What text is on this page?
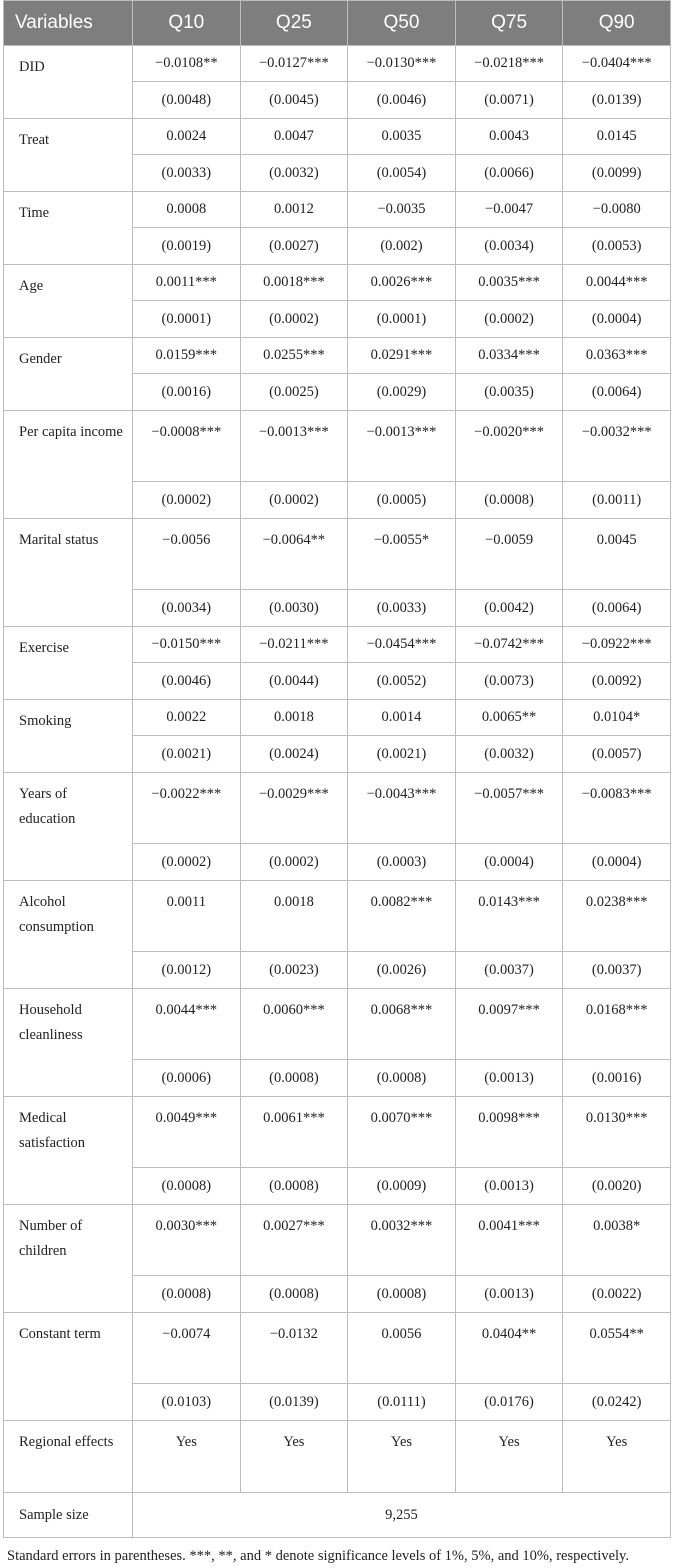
Variables	Q10	Q25	Q50	Q75	Q90
DID	−0.0108**	−0.0127***	−0.0130***	−0.0218***	−0.0404***
	(0.0048)	(0.0045)	(0.0046)	(0.0071)	(0.0139)
Treat	0.0024	0.0047	0.0035	0.0043	0.0145
	(0.0033)	(0.0032)	(0.0054)	(0.0066)	(0.0099)
Time	0.0008	0.0012	−0.0035	−0.0047	−0.0080
	(0.0019)	(0.0027)	(0.002)	(0.0034)	(0.0053)
Age	0.0011***	0.0018***	0.0026***	0.0035***	0.0044***
	(0.0001)	(0.0002)	(0.0001)	(0.0002)	(0.0004)
Gender	0.0159***	0.0255***	0.0291***	0.0334***	0.0363***
	(0.0016)	(0.0025)	(0.0029)	(0.0035)	(0.0064)
Per capita income	−0.0008***	−0.0013***	−0.0013***	−0.0020***	−0.0032***
	(0.0002)	(0.0002)	(0.0005)	(0.0008)	(0.0011)
Marital status	−0.0056	−0.0064**	−0.0055*	−0.0059	0.0045
	(0.0034)	(0.0030)	(0.0033)	(0.0042)	(0.0064)
Exercise	−0.0150***	−0.0211***	−0.0454***	−0.0742***	−0.0922***
	(0.0046)	(0.0044)	(0.0052)	(0.0073)	(0.0092)
Smoking	0.0022	0.0018	0.0014	0.0065**	0.0104*
	(0.0021)	(0.0024)	(0.0021)	(0.0032)	(0.0057)
Years of education	−0.0022***	−0.0029***	−0.0043***	−0.0057***	−0.0083***
	(0.0002)	(0.0002)	(0.0003)	(0.0004)	(0.0004)
Alcohol consumption	0.0011	0.0018	0.0082***	0.0143***	0.0238***
	(0.0012)	(0.0023)	(0.0026)	(0.0037)	(0.0037)
Household cleanliness	0.0044***	0.0060***	0.0068***	0.0097***	0.0168***
	(0.0006)	(0.0008)	(0.0008)	(0.0013)	(0.0016)
Medical satisfaction	0.0049***	0.0061***	0.0070***	0.0098***	0.0130***
	(0.0008)	(0.0008)	(0.0009)	(0.0013)	(0.0020)
Number of children	0.0030***	0.0027***	0.0032***	0.0041***	0.0038*
	(0.0008)	(0.0008)	(0.0008)	(0.0013)	(0.0022)
Constant term	−0.0074	−0.0132	0.0056	0.0404**	0.0554**
	(0.0103)	(0.0139)	(0.0111)	(0.0176)	(0.0242)
Regional effects	Yes	Yes	Yes	Yes	Yes
Sample size	9,255				

Standard errors in parentheses. ***, **, and * denote significance levels of 1%, 5%, and 10%, respectively.
